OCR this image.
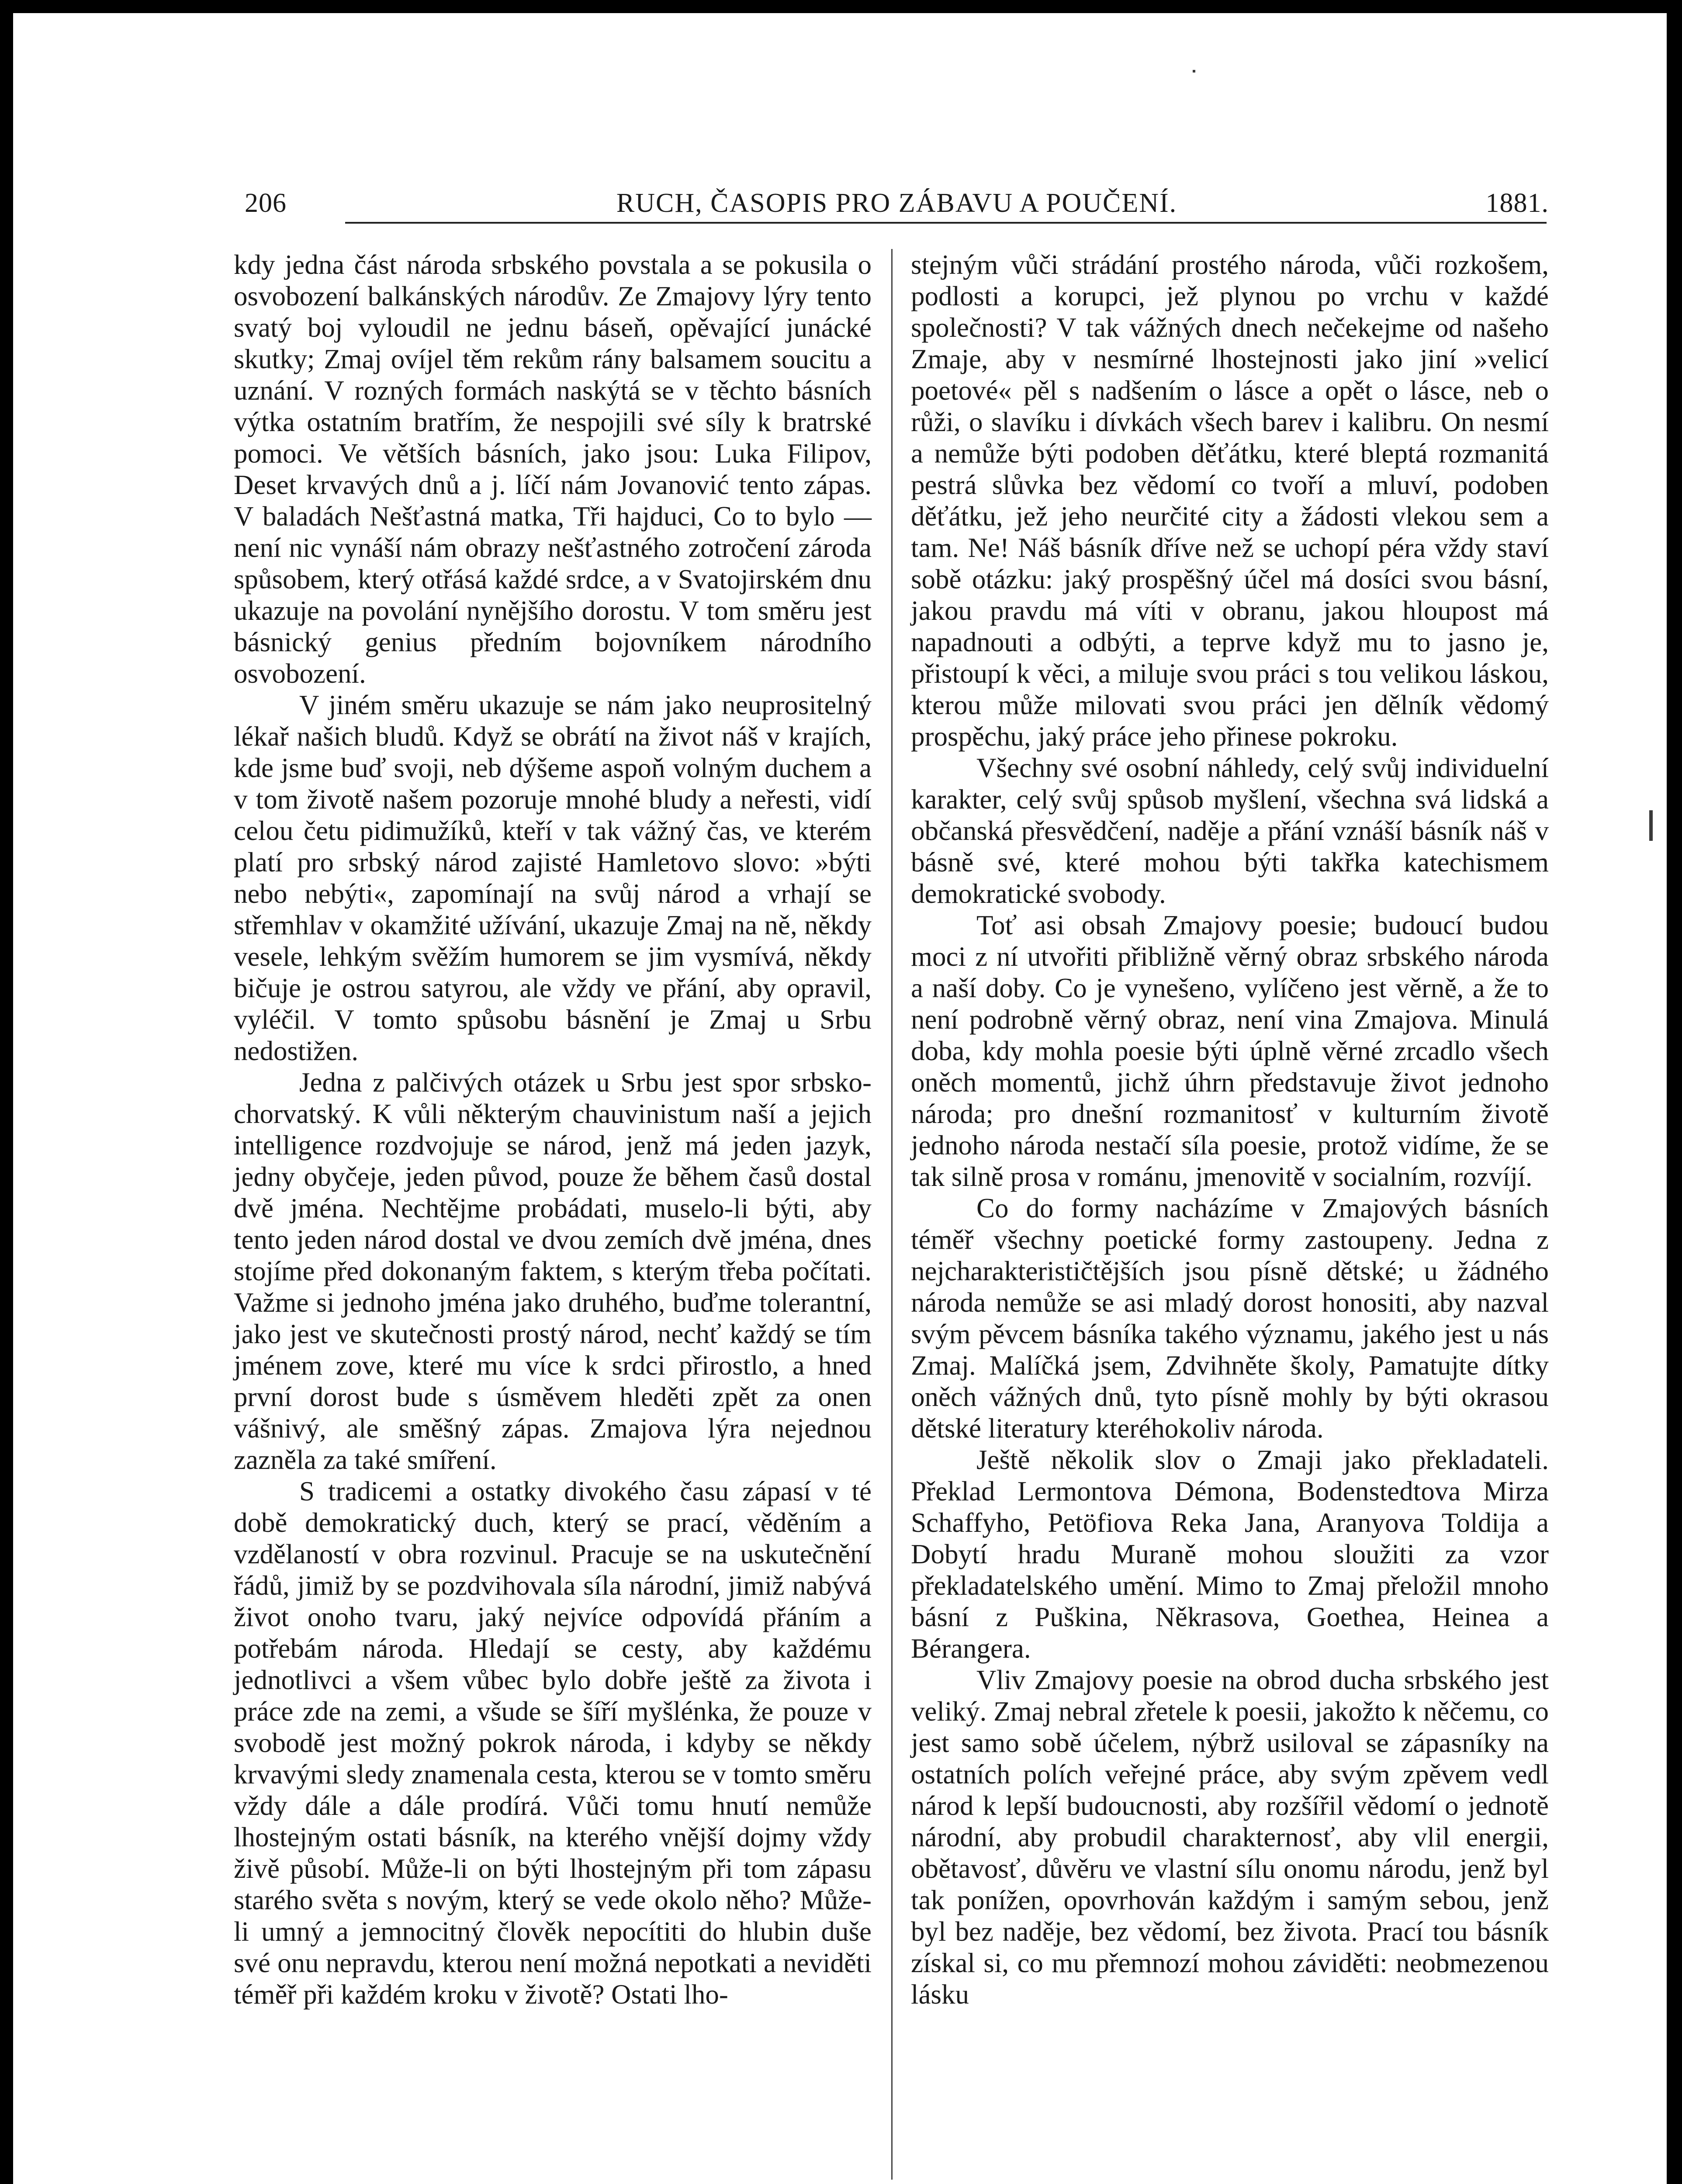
206	RUCH, ČASOPIS PRO ZÁBAVU A POUČENÍ.	1881.

kdy jedna část národa srbského povstala a se pokusila o osvobození balkánských národův. Ze Zmajovy lýry tento svatý boj vyloudil ne jednu báseň, opěvající junácké skutky; Zmaj ovíjel těm rekům rány balsamem soucitu a uznání. V rozných formách naskýtá se v těchto básních výtka ostatním bratřím, že nespojili své síly k bratrské pomoci. Ve větších básních, jako jsou: Luka Filipov, Deset krvavých dnů a j. líčí nám Jovanović tento zápas. V baladách Nešťastná matka, Tři hajduci, Co to bylo — není nic vynáší nám obrazy nešťastného zotročení zároda spůsobem, který otřásá každé srdce, a v Svatojirském dnu ukazuje na povolání nynějšího dorostu. V tom směru jest básnický genius předním bojovníkem národního osvobození.

V jiném směru ukazuje se nám jako neuprositelný lékař našich bludů. Když se obrátí na život náš v krajích, kde jsme buď svoji, neb dýšeme aspoň volným duchem a v tom životě našem pozoruje mnohé bludy a neřesti, vidí celou četu pidimužíků, kteří v tak vážný čas, ve kterém platí pro srbský národ zajisté Hamletovo slovo: »býti nebo nebýti«, zapomínají na svůj národ a vrhají se střemhlav v okamžité užívání, ukazuje Zmaj na ně, někdy vesele, lehkým svěžím humorem se jim vysmívá, někdy bičuje je ostrou satyrou, ale vždy ve přání, aby opravil, vyléčil. V tomto spůsobu básnění je Zmaj u Srbu nedostižen.

Jedna z palčivých otázek u Srbu jest spor srbsko-chorvatský. K vůli některým chauvinistum naší a jejich intelligence rozdvojuje se národ, jenž má jeden jazyk, jedny obyčeje, jeden původ, pouze že během časů dostal dvě jména. Nechtějme probádati, muselo-li býti, aby tento jeden národ dostal ve dvou zemích dvě jména, dnes stojíme před dokonaným faktem, s kterým třeba počítati. Važme si jednoho jména jako druhého, buďme tolerantní, jako jest ve skutečnosti prostý národ, nechť každý se tím jménem zove, které mu více k srdci přirostlo, a hned první dorost bude s úsměvem hleděti zpět za onen vášnivý, ale směšný zápas. Zmajova lýra nejednou zazněla za také smíření.

S tradicemi a ostatky divokého času zápasí v té době demokratický duch, který se prací, věděním a vzdělaností v obra rozvinul. Pracuje se na uskutečnění řádů, jimiž by se pozdvihovala síla národní, jimiž nabývá život onoho tvaru, jaký nejvíce odpovídá přáním a potřebám národa. Hledají se cesty, aby každému jednotlivci a všem vůbec bylo dobře ještě za života i práce zde na zemi, a všude se šíří myšlénka, že pouze v svobodě jest možný pokrok národa, i kdyby se někdy krvavými sledy znamenala cesta, kterou se v tomto směru vždy dále a dále prodírá. Vůči tomu hnutí nemůže lhostejným ostati básník, na kterého vnější dojmy vždy živě působí. Může-li on býti lhostejným při tom zápasu starého světa s novým, který se vede okolo něho? Může-li umný a jemnocitný člověk nepocítiti do hlubin duše své onu nepravdu, kterou není možná nepotkati a neviděti téměř při každém kroku v životě? Ostati lho-

stejným vůči strádání prostého národa, vůči rozkošem, podlosti a korupci, jež plynou po vrchu v každé společnosti? V tak vážných dnech nečekejme od našeho Zmaje, aby v nesmírné lhostejnosti jako jiní »velicí poetové« pěl s nadšením o lásce a opět o lásce, neb o růži, o slavíku i dívkách všech barev i kalibru. On nesmí a nemůže býti podoben děťátku, které bleptá rozmanitá pestrá slůvka bez vědomí co tvoří a mluví, podoben děťátku, jež jeho neurčité city a žádosti vlekou sem a tam. Ne! Náš básník dříve než se uchopí péra vždy staví sobě otázku: jaký prospěšný účel má dosíci svou básní, jakou pravdu má víti v obranu, jakou hloupost má napadnouti a odbýti, a teprve když mu to jasno je, přistoupí k věci, a miluje svou práci s tou velikou láskou, kterou může milovati svou práci jen dělník vědomý prospěchu, jaký práce jeho přinese pokroku.

Všechny své osobní náhledy, celý svůj individuelní karakter, celý svůj spůsob myšlení, všechna svá lidská a občanská přesvědčení, naděje a přání vznáší básník náš v básně své, které mohou býti takřka katechismem demokratické svobody.

Toť asi obsah Zmajovy poesie; budoucí budou moci z ní utvořiti přibližně věrný obraz srbského národa a naší doby. Co je vynešeno, vylíčeno jest věrně, a že to není podrobně věrný obraz, není vina Zmajova. Minulá doba, kdy mohla poesie býti úplně věrné zrcadlo všech oněch momentů, jichž úhrn představuje život jednoho národa; pro dnešní rozmanitosť v kulturním životě jednoho národa nestačí síla poesie, protož vidíme, že se tak silně prosa v románu, jmenovitě v socialním, rozvíjí.

Co do formy nacházíme v Zmajových básních téměř všechny poetické formy zastoupeny. Jedna z nejcharakterističtějších jsou písně dětské; u žádného národa nemůže se asi mladý dorost honositi, aby nazval svým pěvcem básníka takého významu, jakého jest u nás Zmaj. Malíčká jsem, Zdvihněte školy, Pamatujte dítky oněch vážných dnů, tyto písně mohly by býti okrasou dětské literatury kteréhokoliv národa.

Ještě několik slov o Zmaji jako překladateli. Překlad Lermontova Démona, Bodenstedtova Mirza Schaffyho, Petöfiova Reka Jana, Aranyova Toldija a Dobytí hradu Muraně mohou sloužiti za vzor překladatelského umění. Mimo to Zmaj přeložil mnoho básní z Puškina, Někrasova, Goethea, Heinea a Bérangera.

Vliv Zmajovy poesie na obrod ducha srbského jest veliký. Zmaj nebral zřetele k poesii, jakožto k něčemu, co jest samo sobě účelem, nýbrž usiloval se zápasníky na ostatních polích veřejné práce, aby svým zpěvem vedl národ k lepší budoucnosti, aby rozšířil vědomí o jednotě národní, aby probudil charakternosť, aby vlil energii, obětavosť, důvěru ve vlastní sílu onomu národu, jenž byl tak ponížen, opovrhován každým i samým sebou, jenž byl bez naděje, bez vědomí, bez života. Prací tou básník získal si, co mu přemnozí mohou záviděti: neobmezenou lásku
